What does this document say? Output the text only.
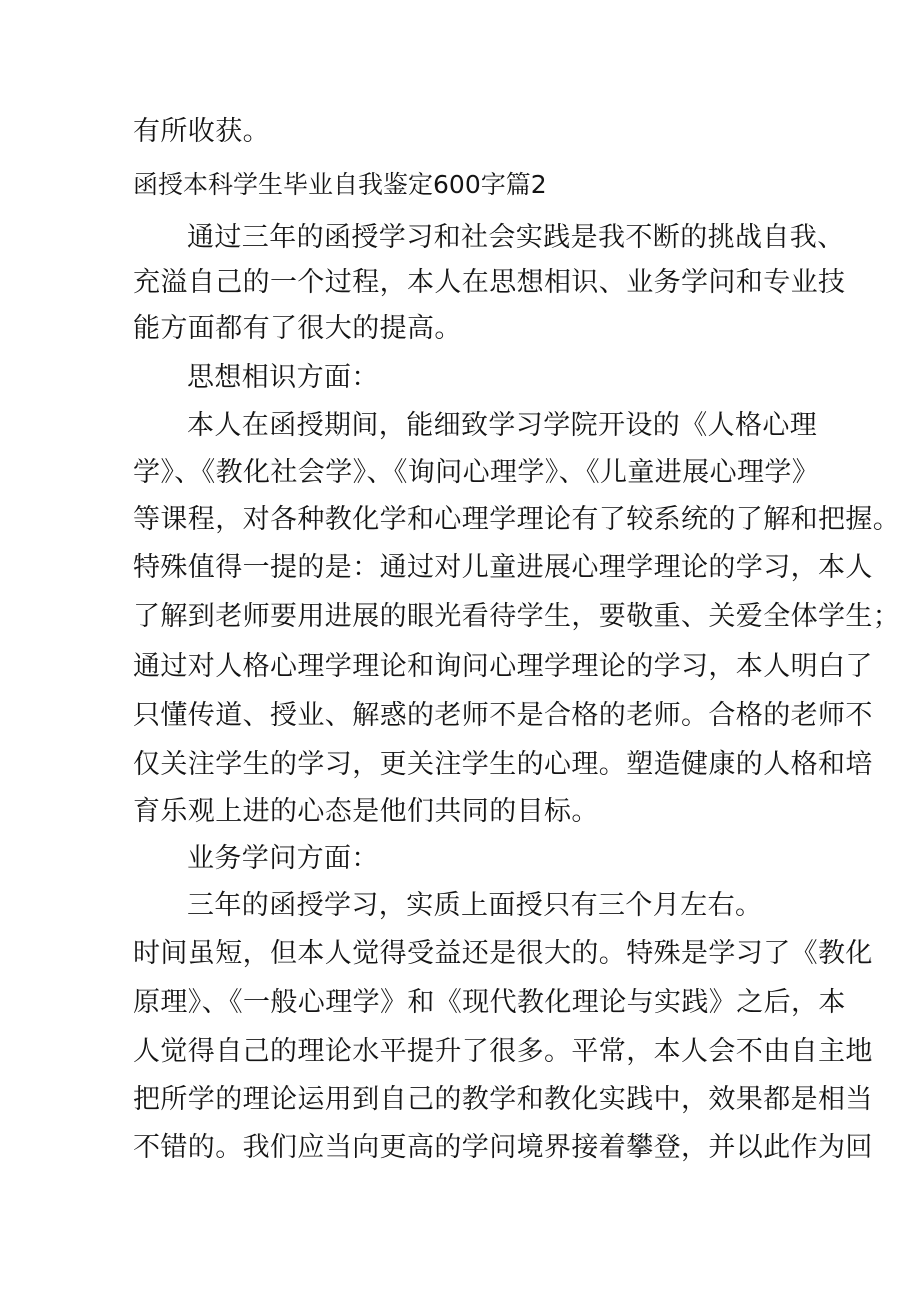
有所收获。
函授本科学生毕业自我鉴定600字篇2
通过三年的函授学习和社会实践是我不断的挑战自我、
充溢自己的一个过程，本人在思想相识、业务学问和专业技
能方面都有了很大的提高。
思想相识方面：
本人在函授期间，能细致学习学院开设的《人格心理
学》、《教化社会学》、《询问心理学》、《儿童进展心理学》
等课程，对各种教化学和心理学理论有了较系统的了解和把握。
特殊值得一提的是：通过对儿童进展心理学理论的学习，本人
了解到老师要用进展的眼光看待学生，要敬重、关爱全体学生；
通过对人格心理学理论和询问心理学理论的学习，本人明白了
只懂传道、授业、解惑的老师不是合格的老师。合格的老师不
仅关注学生的学习，更关注学生的心理。塑造健康的人格和培
育乐观上进的心态是他们共同的目标。
业务学问方面：
三年的函授学习，实质上面授只有三个月左右。
时间虽短，但本人觉得受益还是很大的。特殊是学习了《教化
原理》、《一般心理学》和《现代教化理论与实践》之后，本
人觉得自己的理论水平提升了很多。平常，本人会不由自主地
把所学的理论运用到自己的教学和教化实践中，效果都是相当
不错的。我们应当向更高的学问境界接着攀登，并以此作为回
